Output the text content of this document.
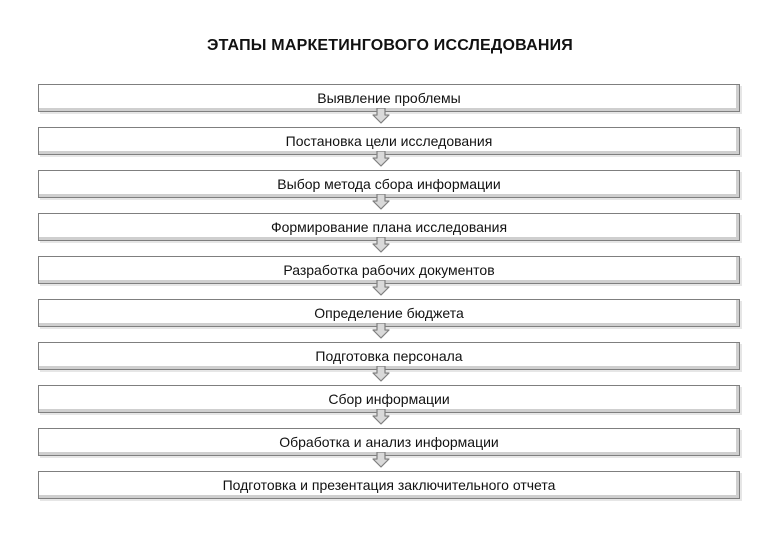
ЭТАПЫ МАРКЕТИНГОВОГО ИССЛЕДОВАНИЯ
Выявление проблемы
Постановка цели исследования
Выбор метода сбора информации
Формирование плана исследования
Разработка рабочих документов
Определение бюджета
Подготовка персонала
Сбор информации
Обработка и анализ информации
Подготовка и презентация заключительного отчета
